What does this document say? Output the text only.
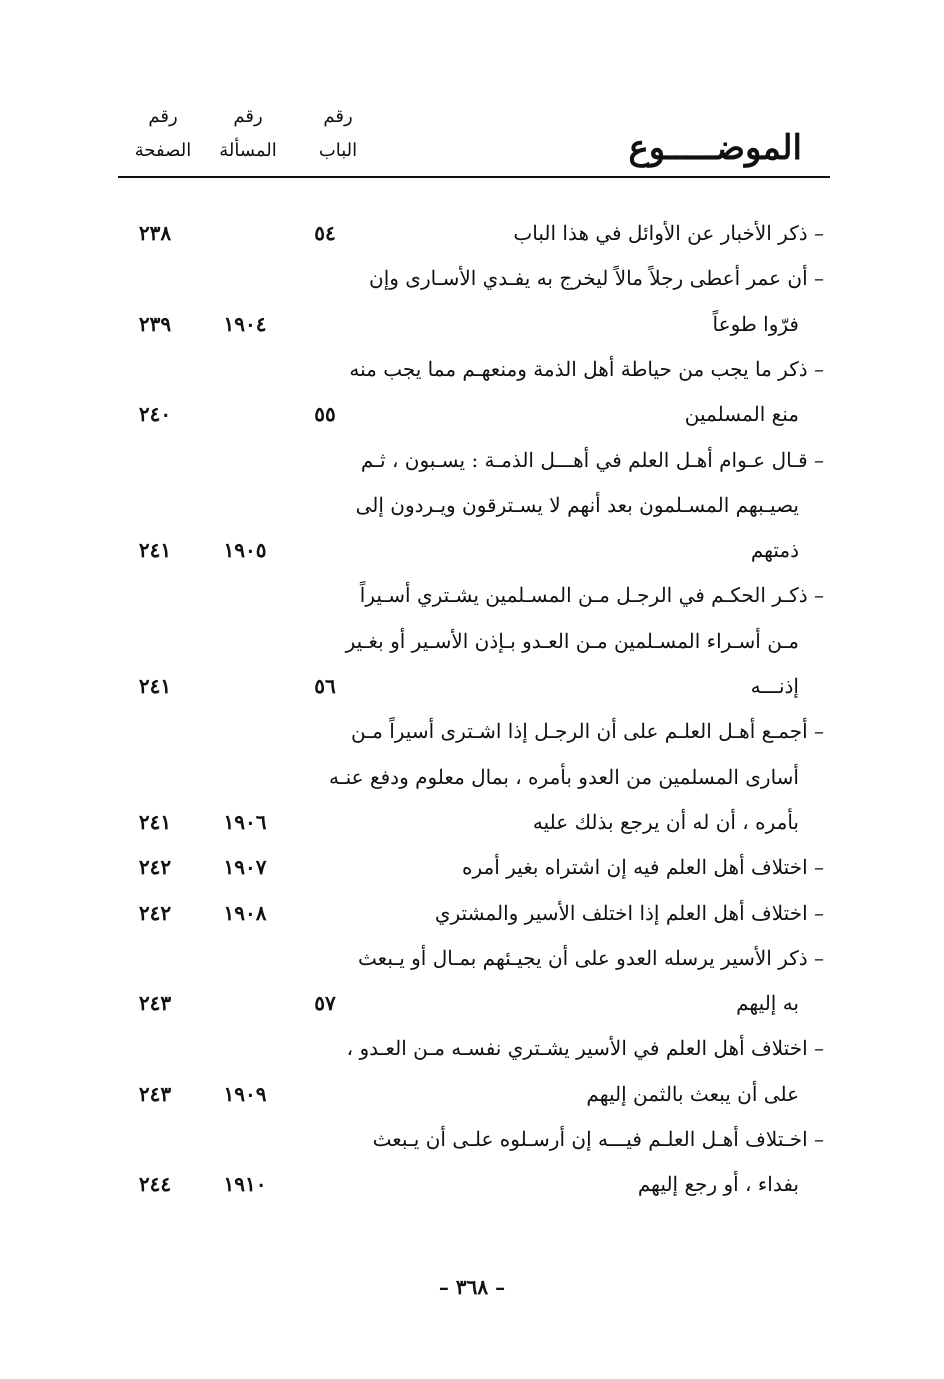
الموضـــــوع
رقم
الباب
رقم
المسألة
رقم
الصفحة
– ذكر الأخبار عن الأوائل في هذا الباب
٥٤
٢٣٨
– أن عمر أعطى رجلاً مالاً ليخرج به يفـدي الأسـارى وإن
فرّوا طوعاً
١٩٠٤
٢٣٩
– ذكر ما يجب من حياطة أهل الذمة ومنعهـم مما يجب منه
منع المسلمين
٥٥
٢٤٠
– قـال عـوام أهـل العلم في أهـــل الذمـة : يسـبون ، ثـم
يصيـبهم المسـلمون بعد أنهم لا يسـترقون ويـردون إلى
ذمتهم
١٩٠٥
٢٤١
– ذكـر الحكـم في الرجـل مـن المسـلمين يشـتري أسـيراً
مـن أسـراء المسـلمين مـن العـدو بـإذن الأسـير أو بغـير
إذنـــه
٥٦
٢٤١
– أجمـع أهـل العلـم على أن الرجـل إذا اشـترى أسيراً مـن
أسارى المسلمين من العدو بأمره ، بمال معلوم ودفع عنـه
بأمره ، أن له أن يرجع بذلك عليه
١٩٠٦
٢٤١
– اختلاف أهل العلم فيه إن اشتراه بغير أمره
١٩٠٧
٢٤٢
– اختلاف أهل العلم إذا اختلف الأسير والمشتري
١٩٠٨
٢٤٢
– ذكر الأسير يرسله العدو على أن يجيـئهم بمـال أو يـبعث
به إليهم
٥٧
٢٤٣
– اختلاف أهل العلم في الأسير يشـتري نفسـه مـن العـدو ،
على أن يبعث بالثمن إليهم
١٩٠٩
٢٤٣
– اخـتلاف أهـل العلـم فيـــه إن أرسـلوه علـى أن يـبعث
بفداء ، أو رجع إليهم
١٩١٠
٢٤٤
– ٣٦٨ –
